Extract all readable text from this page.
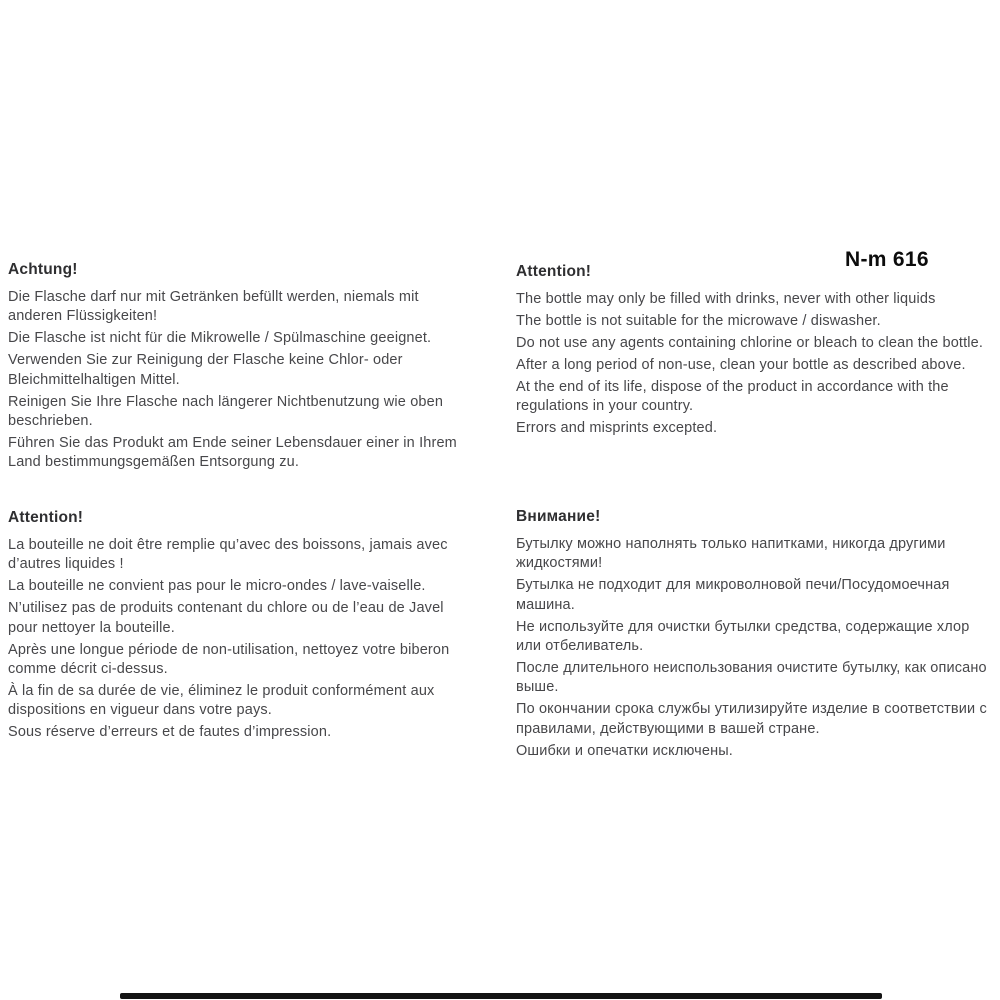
N-m 616
Achtung!

Die Flasche darf nur mit Getränken befüllt werden, niemals mit anderen Flüssigkeiten!

Die Flasche ist nicht für die Mikrowelle / Spülmaschine geeignet.

Verwenden Sie zur Reinigung der Flasche keine Chlor- oder Bleichmittelhaltigen Mittel.

Reinigen Sie Ihre Flasche nach längerer Nichtbenutzung wie oben beschrieben.

Führen Sie das Produkt am Ende seiner Lebensdauer einer in Ihrem Land bestimmungsgemäßen Entsorgung zu.

Attention!

The bottle may only be filled with drinks, never with other liquids

The bottle is not suitable for the microwave / diswasher.

Do not use any agents containing chlorine or bleach to clean the bottle.

After a long period of non-use, clean your bottle as described above.

At the end of its life, dispose of the product in accordance with the regulations in your country.

Errors and misprints excepted.

Attention!

La bouteille ne doit être remplie qu’avec des boissons, jamais avec d’autres liquides !

La bouteille ne convient pas pour le micro-ondes / lave-vaiselle.

N’utilisez pas de produits contenant du chlore ou de l’eau de Javel pour nettoyer la bouteille.

Après une longue période de non-utilisation, nettoyez votre biberon comme décrit ci-dessus.

À la fin de sa durée de vie, éliminez le produit conformément aux dispositions en vigueur dans votre pays.

Sous réserve d’erreurs et de fautes d’impression.

Внимание!

Бутылку можно наполнять только напитками, никогда другими жидкостями!

Бутылка не подходит для микроволновой печи/Посудомоечная машина.

Не используйте для очистки бутылки средства, содержащие хлор или отбеливатель.

После длительного неиспользования очистите бутылку, как описано выше.

По окончании срока службы утилизируйте изделие в соответствии с правилами, действующими в вашей стране.

Ошибки и опечатки исключены.
